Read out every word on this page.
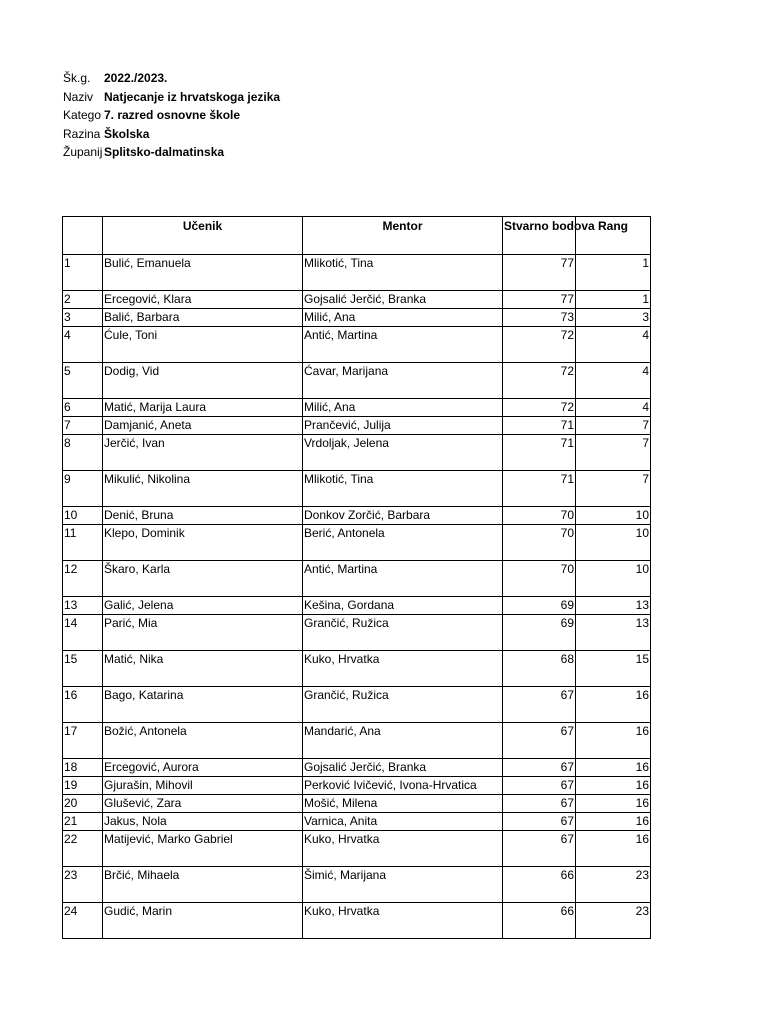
Šk.g.	2022./2023.
Naziv Natjecanje iz hrvatskoga jezika
Katego 7. razred osnovne škole
Razina Školska
Županij Splitsko-dalmatinska
	Učenik	Mentor	Stvarno bodova	Rang
1	Bulić, Emanuela	Mlikotić, Tina	77	1
2	Ercegović, Klara	Gojsalić Jerčić, Branka	77	1
3	Balić, Barbara	Milić, Ana	73	3
4	Ćule, Toni	Antić, Martina	72	4
5	Dodig, Vid	Ćavar, Marijana	72	4
6	Matić, Marija Laura	Milić, Ana	72	4
7	Damjanić, Aneta	Prančević, Julija	71	7
8	Jerčić, Ivan	Vrdoljak, Jelena	71	7
9	Mikulić, Nikolina	Mlikotić, Tina	71	7
10	Denić, Bruna	Donkov Zorčić, Barbara	70	10
11	Klepo, Dominik	Berić, Antonela	70	10
12	Škaro, Karla	Antić, Martina	70	10
13	Galić, Jelena	Kešina, Gordana	69	13
14	Parić, Mia	Grančić, Ružica	69	13
15	Matić, Nika	Kuko, Hrvatka	68	15
16	Bago, Katarina	Grančić, Ružica	67	16
17	Božić, Antonela	Mandarić, Ana	67	16
18	Ercegović, Aurora	Gojsalić Jerčić, Branka	67	16
19	Gjurašin, Mihovil	Perković Ivičević, Ivona-Hrvatica	67	16
20	Glušević, Zara	Mošić, Milena	67	16
21	Jakus, Nola	Varnica, Anita	67	16
22	Matijević, Marko Gabriel	Kuko, Hrvatka	67	16
23	Brčić, Mihaela	Šimić, Marijana	66	23
24	Gudić, Marin	Kuko, Hrvatka	66	23
